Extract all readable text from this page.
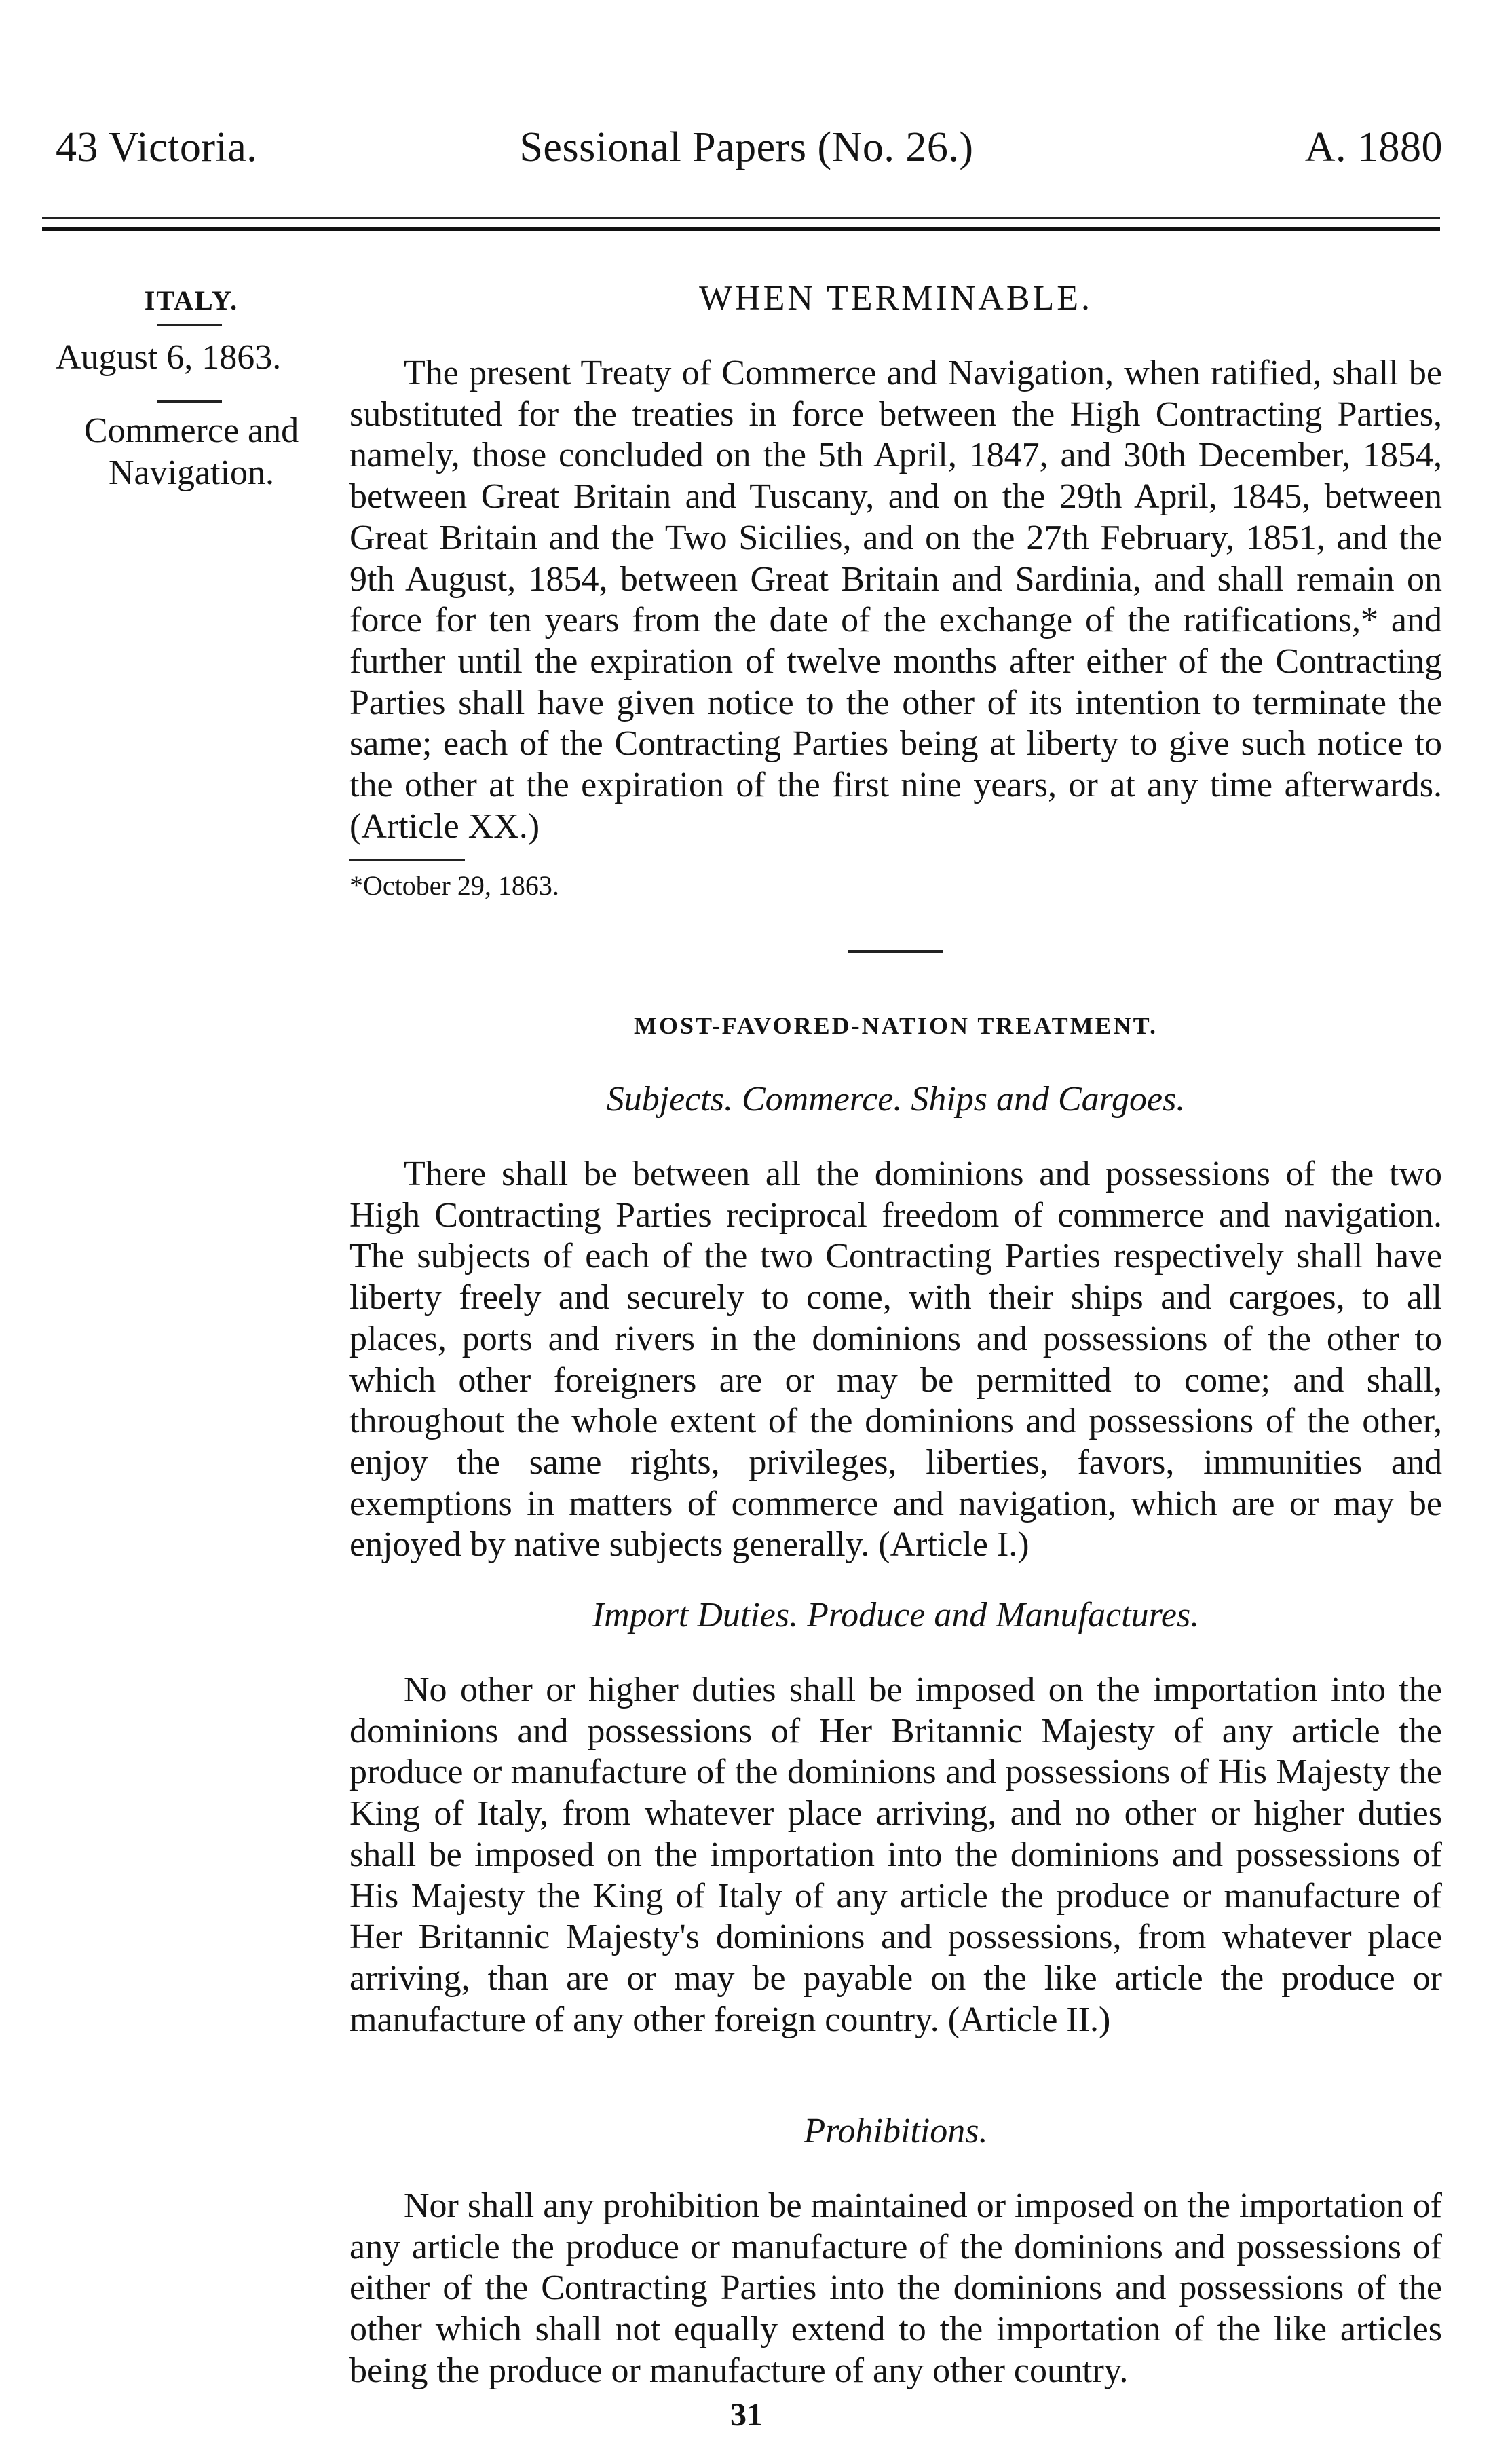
43 Victoria.	Sessional Papers (No. 26.)	A. 1880
ITALY.
August 6, 1863.
Commerce and Navigation.
WHEN TERMINABLE.
The present Treaty of Commerce and Navigation, when ratified, shall be substituted for the treaties in force between the High Contracting Parties, namely, those concluded on the 5th April, 1847, and 30th December, 1854, between Great Britain and Tuscany, and on the 29th April, 1845, between Great Britain and the Two Sicilies, and on the 27th February, 1851, and the 9th August, 1854, between Great Britain and Sardinia, and shall remain on force for ten years from the date of the exchange of the ratifications,* and further until the expiration of twelve months after either of the Contracting Parties shall have given notice to the other of its intention to terminate the same; each of the Contracting Parties being at liberty to give such notice to the other at the expiration of the first nine years, or at any time afterwards. (Article XX.)
*October 29, 1863.
MOST-FAVORED-NATION TREATMENT.
Subjects. Commerce. Ships and Cargoes.
There shall be between all the dominions and possessions of the two High Contracting Parties reciprocal freedom of commerce and navigation. The subjects of each of the two Contracting Parties respectively shall have liberty freely and securely to come, with their ships and cargoes, to all places, ports and rivers in the dominions and possessions of the other to which other foreigners are or may be permitted to come; and shall, throughout the whole extent of the dominions and possessions of the other, enjoy the same rights, privileges, liberties, favors, immunities and exemptions in matters of commerce and navigation, which are or may be enjoyed by native subjects generally. (Article I.)
Import Duties. Produce and Manufactures.
No other or higher duties shall be imposed on the importation into the dominions and possessions of Her Britannic Majesty of any article the produce or manufacture of the dominions and possessions of His Majesty the King of Italy, from whatever place arriving, and no other or higher duties shall be imposed on the importation into the dominions and possessions of His Majesty the King of Italy of any article the produce or manufacture of Her Britannic Majesty's dominions and possessions, from whatever place arriving, than are or may be payable on the like article the produce or manufacture of any other foreign country. (Article II.)
Prohibitions.
Nor shall any prohibition be maintained or imposed on the importation of any article the produce or manufacture of the dominions and possessions of either of the Contracting Parties into the dominions and possessions of the other which shall not equally extend to the importation of the like articles being the produce or manufacture of any other country.
31
